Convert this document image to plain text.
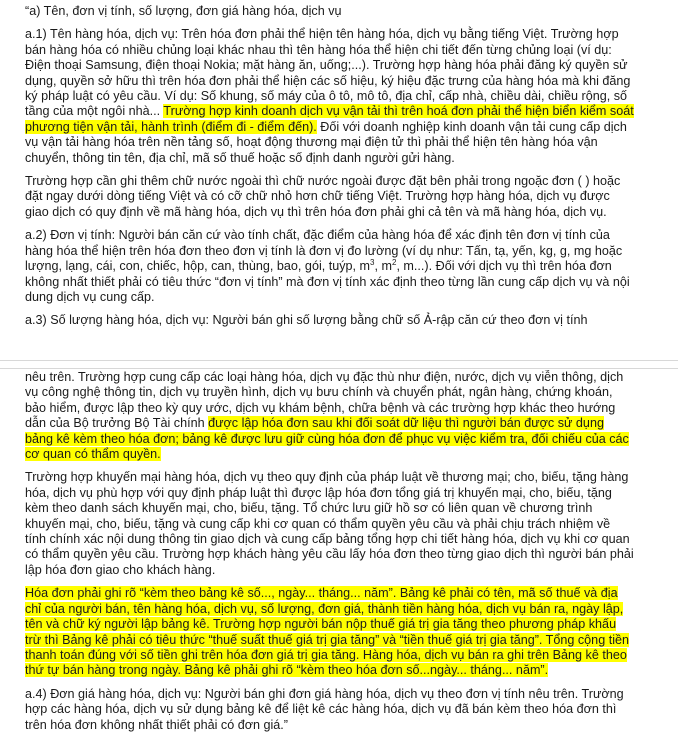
“a) Tên, đơn vị tính, số lượng, đơn giá hàng hóa, dịch vụ

a.1) Tên hàng hóa, dịch vụ: Trên hóa đơn phải thể hiện tên hàng hóa, dịch vụ bằng tiếng Việt. Trường hợp bán hàng hóa có nhiều chủng loại khác nhau thì tên hàng hóa thể hiện chi tiết đến từng chủng loại (ví dụ: Điện thoại Samsung, điện thoại Nokia; mặt hàng ăn, uống;...). Trường hợp hàng hóa phải đăng ký quyền sử dụng, quyền sở hữu thì trên hóa đơn phải thể hiện các số hiệu, ký hiệu đặc trưng của hàng hóa mà khi đăng ký pháp luật có yêu cầu. Ví dụ: Số khung, số máy của ô tô, mô tô, địa chỉ, cấp nhà, chiều dài, chiều rộng, số tầng của một ngôi nhà... Trường hợp kinh doanh dịch vụ vận tải thì trên hoá đơn phải thể hiện biển kiểm soát phương tiện vận tải, hành trình (điểm đi - điểm đến). Đối với doanh nghiệp kinh doanh vận tải cung cấp dịch vụ vận tải hàng hóa trên nền tảng số, hoạt động thương mại điện tử thì phải thể hiện tên hàng hóa vận chuyển, thông tin tên, địa chỉ, mã số thuế hoặc số định danh người gửi hàng.

Trường hợp cần ghi thêm chữ nước ngoài thì chữ nước ngoài được đặt bên phải trong ngoặc đơn ( ) hoặc đặt ngay dưới dòng tiếng Việt và có cỡ chữ nhỏ hơn chữ tiếng Việt. Trường hợp hàng hóa, dịch vụ được giao dịch có quy định về mã hàng hóa, dịch vụ thì trên hóa đơn phải ghi cả tên và mã hàng hóa, dịch vụ.

a.2) Đơn vị tính: Người bán căn cứ vào tính chất, đặc điểm của hàng hóa để xác định tên đơn vị tính của hàng hóa thể hiện trên hóa đơn theo đơn vị tính là đơn vị đo lường (ví dụ như: Tấn, tạ, yến, kg, g, mg hoặc lượng, lạng, cái, con, chiếc, hộp, can, thùng, bao, gói, tuýp, $m^3$, $m^2$, m...). Đối với dịch vụ thì trên hóa đơn không nhất thiết phải có tiêu thức “đơn vị tính” mà đơn vị tính xác định theo từng lần cung cấp dịch vụ và nội dung dịch vụ cung cấp.

a.3) Số lượng hàng hóa, dịch vụ: Người bán ghi số lượng bằng chữ số Ả-rập căn cứ theo đơn vị tính

nêu trên. Trường hợp cung cấp các loại hàng hóa, dịch vụ đặc thù như điện, nước, dịch vụ viễn thông, dịch vụ công nghệ thông tin, dịch vụ truyền hình, dịch vụ bưu chính và chuyển phát, ngân hàng, chứng khoán, bảo hiểm, được lập theo kỳ quy ước, dịch vụ khám bệnh, chữa bệnh và các trường hợp khác theo hướng dẫn của Bộ trưởng Bộ Tài chính được lập hóa đơn sau khi đối soát dữ liệu thì người bán được sử dụng bảng kê kèm theo hóa đơn; bảng kê được lưu giữ cùng hóa đơn để phục vụ việc kiểm tra, đối chiếu của các cơ quan có thẩm quyền.

Trường hợp khuyến mại hàng hóa, dịch vụ theo quy định của pháp luật về thương mại; cho, biếu, tặng hàng hóa, dịch vụ phù hợp với quy định pháp luật thì được lập hóa đơn tổng giá trị khuyến mại, cho, biếu, tặng kèm theo danh sách khuyến mại, cho, biếu, tặng. Tổ chức lưu giữ hồ sơ có liên quan về chương trình khuyến mại, cho, biếu, tặng và cung cấp khi cơ quan có thẩm quyền yêu cầu và phải chịu trách nhiệm về tính chính xác nội dung thông tin giao dịch và cung cấp bảng tổng hợp chi tiết hàng hóa, dịch vụ khi cơ quan có thẩm quyền yêu cầu. Trường hợp khách hàng yêu cầu lấy hóa đơn theo từng giao dịch thì người bán phải lập hóa đơn giao cho khách hàng.

Hóa đơn phải ghi rõ “kèm theo bảng kê số..., ngày... tháng... năm”. Bảng kê phải có tên, mã số thuế và địa chỉ của người bán, tên hàng hóa, dịch vụ, số lượng, đơn giá, thành tiền hàng hóa, dịch vụ bán ra, ngày lập, tên và chữ ký người lập bảng kê. Trường hợp người bán nộp thuế giá trị gia tăng theo phương pháp khấu trừ thì Bảng kê phải có tiêu thức “thuế suất thuế giá trị gia tăng” và “tiền thuế giá trị gia tăng”. Tổng cộng tiền thanh toán đúng với số tiền ghi trên hóa đơn giá trị gia tăng. Hàng hóa, dịch vụ bán ra ghi trên Bảng kê theo thứ tự bán hàng trong ngày. Bảng kê phải ghi rõ “kèm theo hóa đơn số...ngày... tháng... năm”.

a.4) Đơn giá hàng hóa, dịch vụ: Người bán ghi đơn giá hàng hóa, dịch vụ theo đơn vị tính nêu trên. Trường hợp các hàng hóa, dịch vụ sử dụng bảng kê để liệt kê các hàng hóa, dịch vụ đã bán kèm theo hóa đơn thì trên hóa đơn không nhất thiết phải có đơn giá.”
